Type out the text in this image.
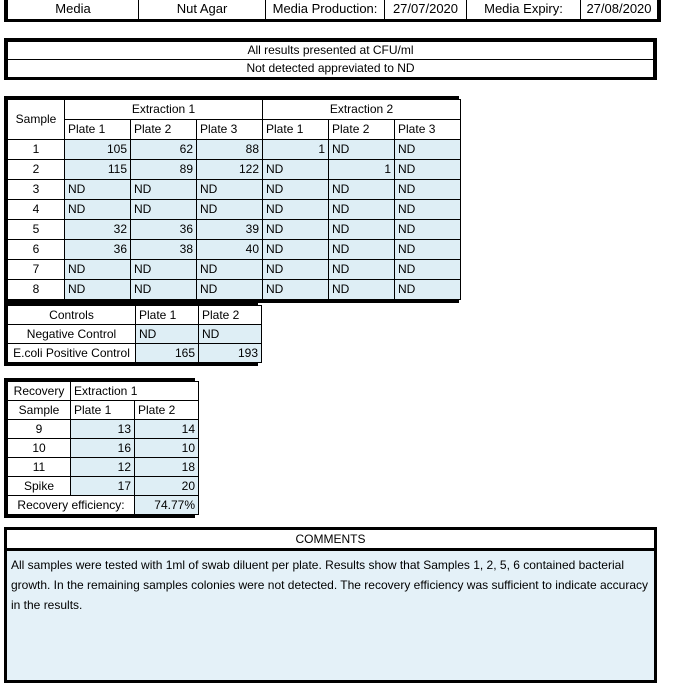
Media	Nut Agar	Media Production:	27/07/2020	Media Expiry:	27/08/2020
All results presented at CFU/ml
Not detected appreviated to ND
Sample	Extraction 1			Extraction 2		
	Plate 1	Plate 2	Plate 3	Plate 1	Plate 2	Plate 3
1	105	62	88	1	ND	ND
2	115	89	122	ND	1	ND
3	ND	ND	ND	ND	ND	ND
4	ND	ND	ND	ND	ND	ND
5	32	36	39	ND	ND	ND
6	36	38	40	ND	ND	ND
7	ND	ND	ND	ND	ND	ND
8	ND	ND	ND	ND	ND	ND
Controls	Plate 1	Plate 2
Negative Control	ND	ND
E.coli Positive Control	165	193
Recovery	Extraction 1	
Sample	Plate 1	Plate 2
9	13	14
10	16	10
11	12	18
Spike	17	20
Recovery efficiency:		74.77%
COMMENTS
All samples were tested with 1ml of swab diluent per plate. Results show that Samples 1, 2, 5, 6 contained bacterial growth. In the remaining samples colonies were not detected. The recovery efficiency was sufficient to indicate accuracy in the results.
